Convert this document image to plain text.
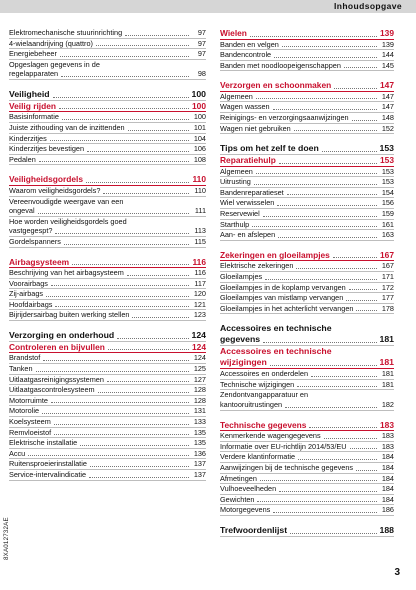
Inhoudsopgave
Elektromechanische stuurinrichting	97
4-wielaandrijving (quattro)	97
Energiebeheer	97
Opgeslagen gegevens in de
regelapparaten	98
Veiligheid	100
Veilig rijden	100
Basisinformatie	100
Juiste zithouding van de inzittenden	101
Kinderzitjes	104
Kinderzitjes bevestigen	106
Pedalen	108
Veiligheidsgordels	110
Waarom veiligheidsgordels?	110
Vereenvoudigde weergave van een
ongeval	111
Hoe worden veiligheidsgordels goed
vastgegespt?	113
Gordelspanners	115
Airbagsysteem	116
Beschrijving van het airbagsysteem	116
Voorairbags	117
Zij-airbags	120
Hoofdairbags	121
Bijrijdersairbag buiten werking stellen	123
Verzorging en onderhoud	124
Controleren en bijvullen	124
Brandstof	124
Tanken	125
Uitlaatgasreinigingssystemen	127
Uitlaatgascontrolesysteem	128
Motorruimte	128
Motorolie	131
Koelsysteem	133
Remvloeistof	135
Elektrische installatie	135
Accu	136
Ruitensproeierinstallatie	137
Service-intervalindicatie	137
Wielen	139
Banden en velgen	139
Bandencontrole	144
Banden met noodloopeigenschappen	145
Verzorgen en schoonmaken	147
Algemeen	147
Wagen wassen	147
Reinigings- en verzorgingsaanwijzingen	148
Wagen niet gebruiken	152
Tips om het zelf te doen	153
Reparatiehulp	153
Algemeen	153
Uitrusting	153
Bandenreparatieset	154
Wiel verwisselen	156
Reservewiel	159
Starthulp	161
Aan- en afslepen	163
Zekeringen en gloeilampjes	167
Elektrische zekeringen	167
Gloeilampjes	171
Gloeilampjes in de koplamp vervangen	172
Gloeilampjes van mistlamp vervangen	177
Gloeilampjes in het achterlicht vervangen	178
Accessoires en technische
gegevens	181
Accessoires en technische
wijzigingen	181
Accessoires en onderdelen	181
Technische wijzigingen	181
Zendontvangapparatuur en
kantooruitrustingen	182
Technische gegevens	183
Kenmerkende wagengegevens	183
Informatie over EU-richtlijn 2014/53/EU	183
Verdere klantinformatie	184
Aanwijzingen bij de technische gegevens	184
Afmetingen	184
Vulhoeveelheden	184
Gewichten	184
Motorgegevens	186
Trefwoordenlijst	188
8XA012732AE
3
